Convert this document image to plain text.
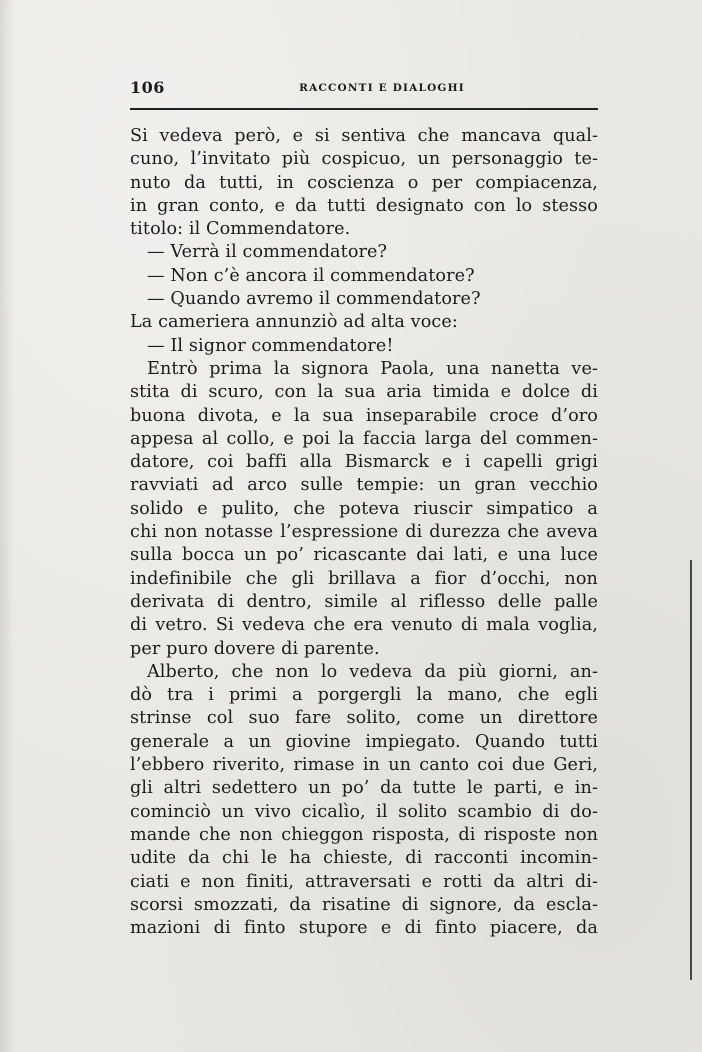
106	RACCONTI E DIALOGHI
Si vedeva però, e si sentiva che mancava qual-
cuno, l’invitato più cospicuo, un personaggio te-
nuto da tutti, in coscienza o per compiacenza,
in gran conto, e da tutti designato con lo stesso
titolo: il Commendatore.
— Verrà il commendatore?
— Non c’è ancora il commendatore?
— Quando avremo il commendatore?
La cameriera annunziò ad alta voce:
— Il signor commendatore!
Entrò prima la signora Paola, una nanetta ve-
stita di scuro, con la sua aria timida e dolce di
buona divota, e la sua inseparabile croce d’oro
appesa al collo, e poi la faccia larga del commen-
datore, coi baffi alla Bismarck e i capelli grigi
ravviati ad arco sulle tempie: un gran vecchio
solido e pulito, che poteva riuscir simpatico a
chi non notasse l’espressione di durezza che aveva
sulla bocca un po’ ricascante dai lati, e una luce
indefinibile che gli brillava a fior d’occhi, non
derivata di dentro, simile al riflesso delle palle
di vetro. Si vedeva che era venuto di mala voglia,
per puro dovere di parente.
Alberto, che non lo vedeva da più giorni, an-
dò tra i primi a porgergli la mano, che egli
strinse col suo fare solito, come un direttore
generale a un giovine impiegato. Quando tutti
l’ebbero riverito, rimase in un canto coi due Geri,
gli altri sedettero un po’ da tutte le parti, e in-
cominciò un vivo cicalìo, il solito scambio di do-
mande che non chieggon risposta, di risposte non
udite da chi le ha chieste, di racconti incomin-
ciati e non finiti, attraversati e rotti da altri di-
scorsi smozzati, da risatine di signore, da escla-
mazioni di finto stupore e di finto piacere, da
